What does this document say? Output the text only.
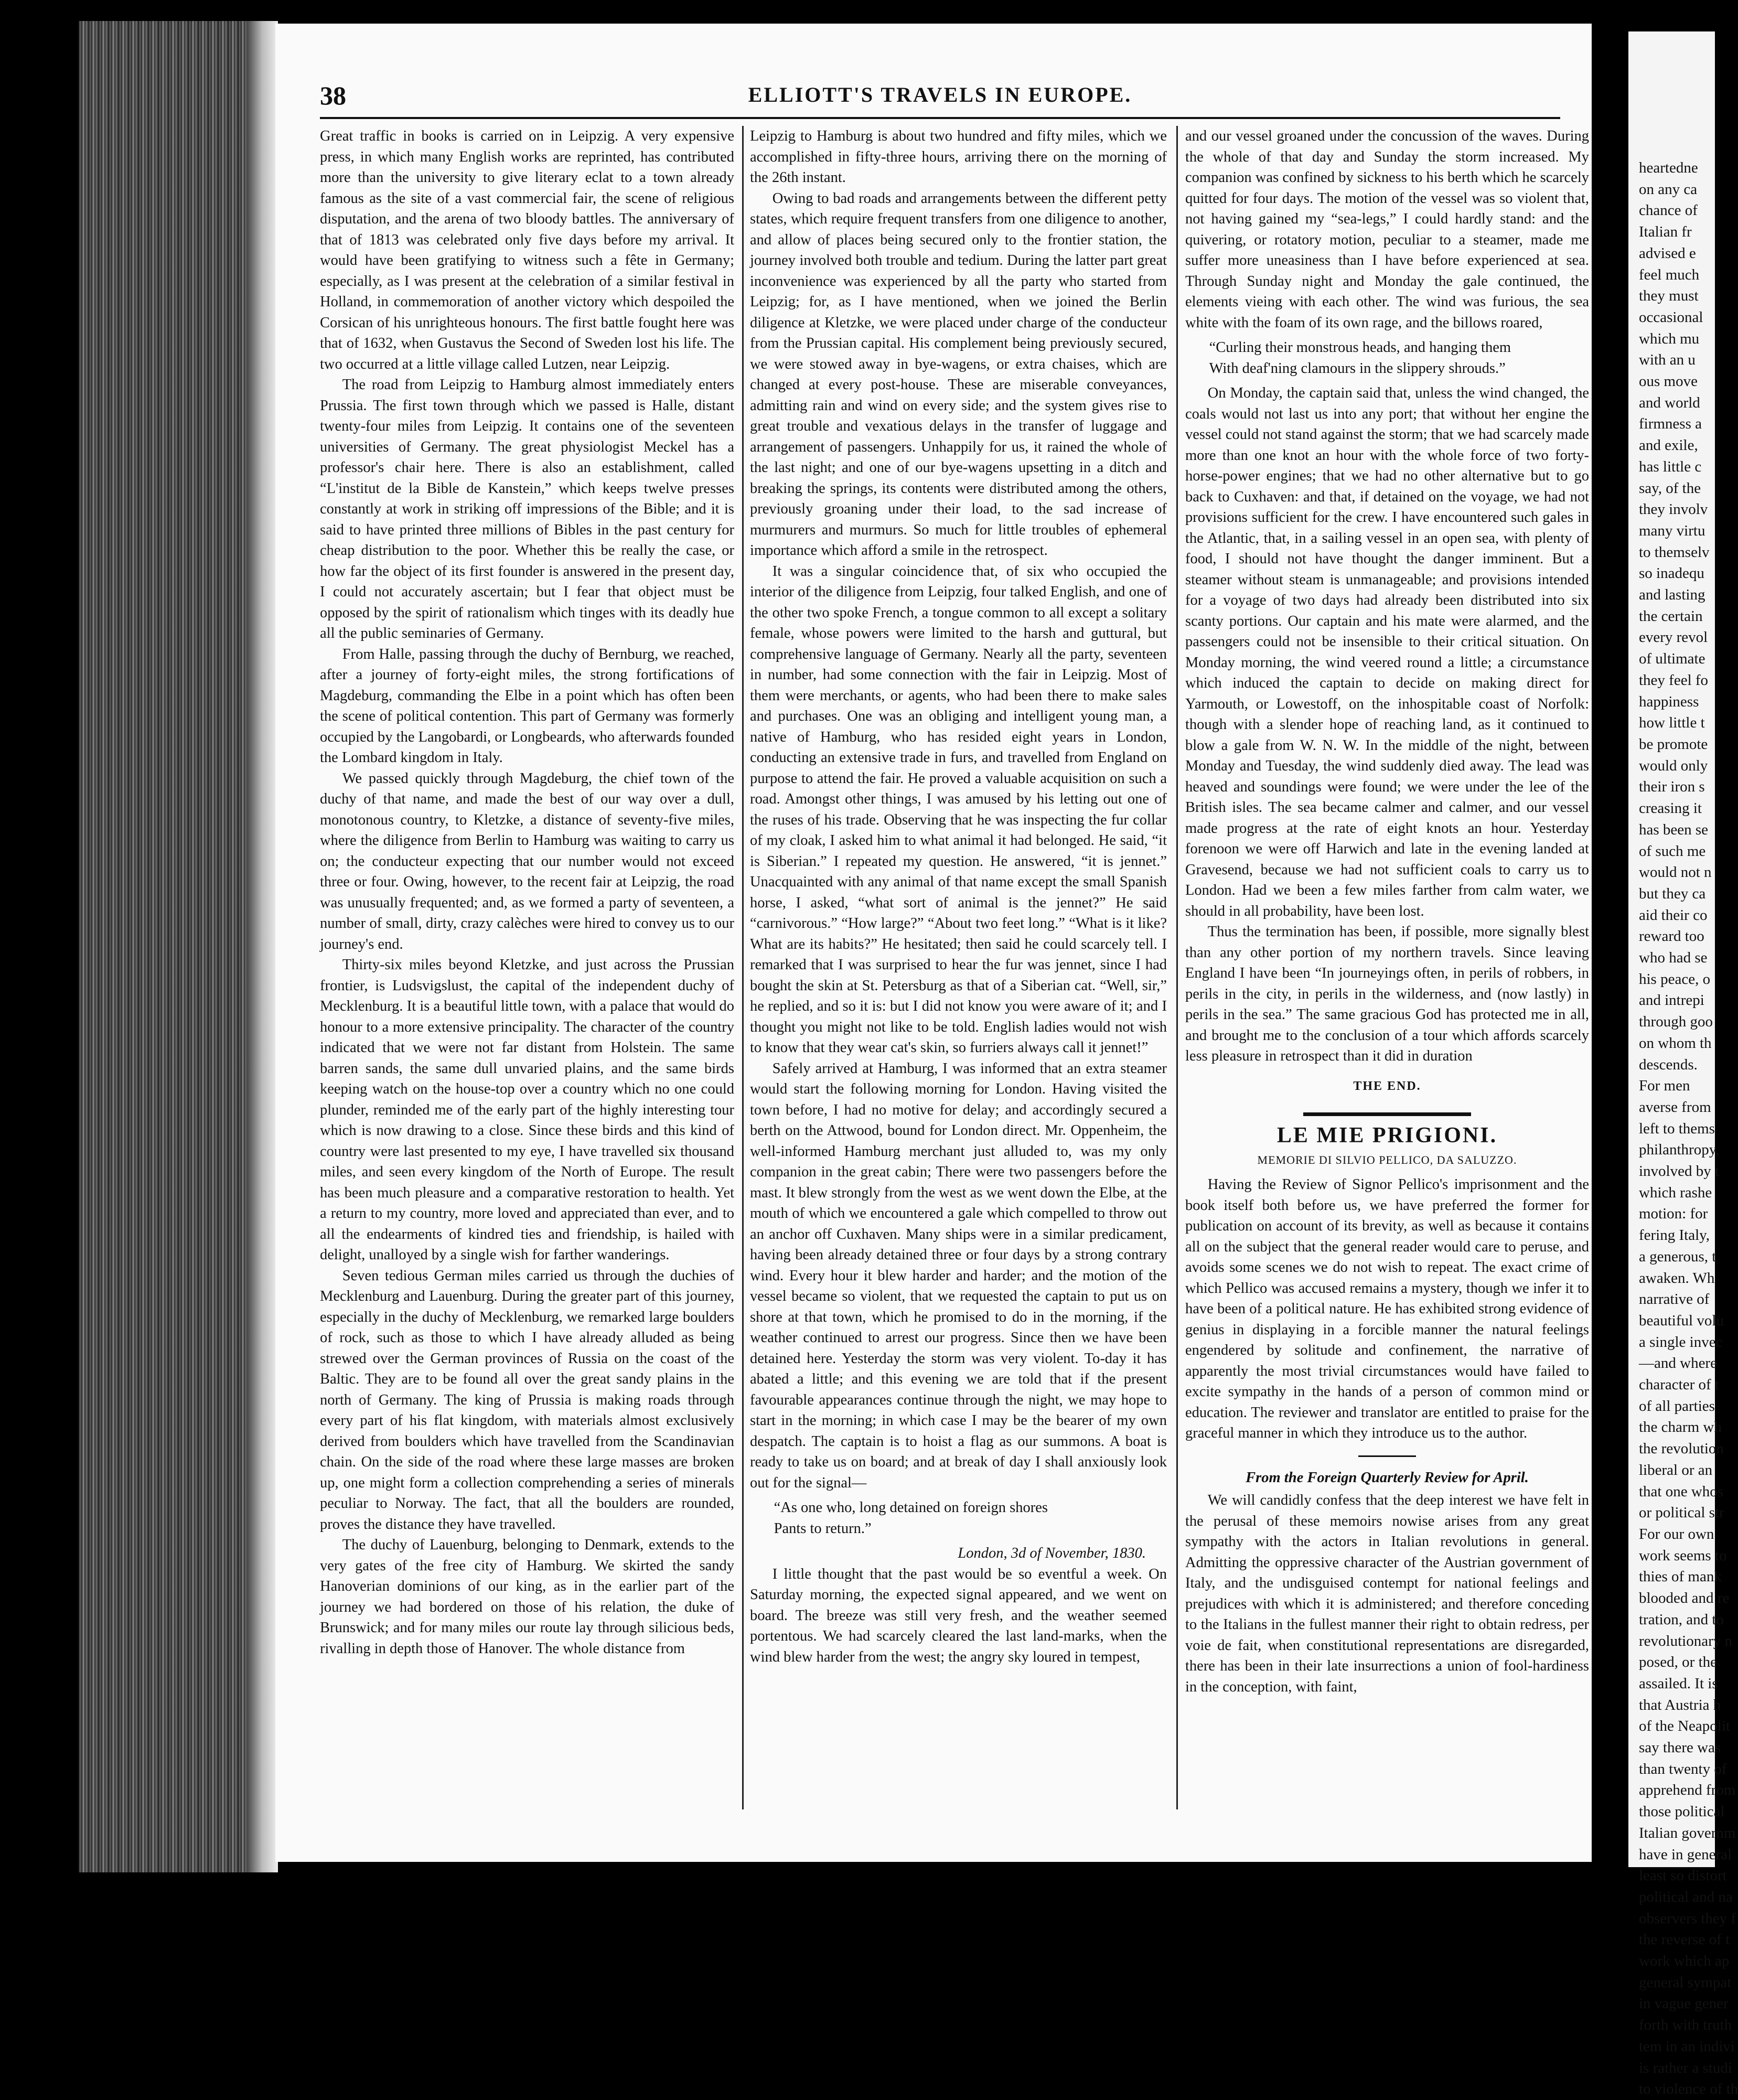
38	ELLIOTT'S TRAVELS IN EUROPE.

Great traffic in books is carried on in Leipzig. A very expensive press, in which many English works are reprinted, has contributed more than the university to give literary eclat to a town already famous as the site of a vast commercial fair, the scene of religious disputation, and the arena of two bloody battles. The anniversary of that of 1813 was celebrated only five days before my arrival. It would have been gratifying to witness such a fête in Germany; especially, as I was present at the celebration of a similar festival in Holland, in commemoration of another victory which despoiled the Corsican of his unrighteous honours. The first battle fought here was that of 1632, when Gustavus the Second of Sweden lost his life. The two occurred at a little village called Lutzen, near Leipzig.

The road from Leipzig to Hamburg almost immediately enters Prussia. The first town through which we passed is Halle, distant twenty-four miles from Leipzig. It contains one of the seventeen universities of Germany. The great physiologist Meckel has a professor's chair here. There is also an establishment, called “L'institut de la Bible de Kanstein,” which keeps twelve presses constantly at work in striking off impressions of the Bible; and it is said to have printed three millions of Bibles in the past century for cheap distribution to the poor. Whether this be really the case, or how far the object of its first founder is answered in the present day, I could not accurately ascertain; but I fear that object must be opposed by the spirit of rationalism which tinges with its deadly hue all the public seminaries of Germany.

From Halle, passing through the duchy of Bernburg, we reached, after a journey of forty-eight miles, the strong fortifications of Magdeburg, commanding the Elbe in a point which has often been the scene of political contention. This part of Germany was formerly occupied by the Langobardi, or Longbeards, who afterwards founded the Lombard kingdom in Italy.

We passed quickly through Magdeburg, the chief town of the duchy of that name, and made the best of our way over a dull, monotonous country, to Kletzke, a distance of seventy-five miles, where the diligence from Berlin to Hamburg was waiting to carry us on; the conducteur expecting that our number would not exceed three or four. Owing, however, to the recent fair at Leipzig, the road was unusually frequented; and, as we formed a party of seventeen, a number of small, dirty, crazy calèches were hired to convey us to our journey's end.

Thirty-six miles beyond Kletzke, and just across the Prussian frontier, is Ludsvigslust, the capital of the independent duchy of Mecklenburg. It is a beautiful little town, with a palace that would do honour to a more extensive principality. The character of the country indicated that we were not far distant from Holstein. The same barren sands, the same dull unvaried plains, and the same birds keeping watch on the house-top over a country which no one could plunder, reminded me of the early part of the highly interesting tour which is now drawing to a close. Since these birds and this kind of country were last presented to my eye, I have travelled six thousand miles, and seen every kingdom of the North of Europe. The result has been much pleasure and a comparative restoration to health. Yet a return to my country, more loved and appreciated than ever, and to all the endearments of kindred ties and friendship, is hailed with delight, unalloyed by a single wish for farther wanderings.

Seven tedious German miles carried us through the duchies of Mecklenburg and Lauenburg. During the greater part of this journey, especially in the duchy of Mecklenburg, we remarked large boulders of rock, such as those to which I have already alluded as being strewed over the German provinces of Russia on the coast of the Baltic. They are to be found all over the great sandy plains in the north of Germany. The king of Prussia is making roads through every part of his flat kingdom, with materials almost exclusively derived from boulders which have travelled from the Scandinavian chain. On the side of the road where these large masses are broken up, one might form a collection comprehending a series of minerals peculiar to Norway. The fact, that all the boulders are rounded, proves the distance they have travelled.

The duchy of Lauenburg, belonging to Denmark, extends to the very gates of the free city of Hamburg. We skirted the sandy Hanoverian dominions of our king, as in the earlier part of the journey we had bordered on those of his relation, the duke of Brunswick; and for many miles our route lay through silicious beds, rivalling in depth those of Hanover. The whole distance from

Leipzig to Hamburg is about two hundred and fifty miles, which we accomplished in fifty-three hours, arriving there on the morning of the 26th instant.

Owing to bad roads and arrangements between the different petty states, which require frequent transfers from one diligence to another, and allow of places being secured only to the frontier station, the journey involved both trouble and tedium. During the latter part great inconvenience was experienced by all the party who started from Leipzig; for, as I have mentioned, when we joined the Berlin diligence at Kletzke, we were placed under charge of the conducteur from the Prussian capital. His complement being previously secured, we were stowed away in bye-wagens, or extra chaises, which are changed at every post-house. These are miserable conveyances, admitting rain and wind on every side; and the system gives rise to great trouble and vexatious delays in the transfer of luggage and arrangement of passengers. Unhappily for us, it rained the whole of the last night; and one of our bye-wagens upsetting in a ditch and breaking the springs, its contents were distributed among the others, previously groaning under their load, to the sad increase of murmurers and murmurs. So much for little troubles of ephemeral importance which afford a smile in the retrospect.

It was a singular coincidence that, of six who occupied the interior of the diligence from Leipzig, four talked English, and one of the other two spoke French, a tongue common to all except a solitary female, whose powers were limited to the harsh and guttural, but comprehensive language of Germany. Nearly all the party, seventeen in number, had some connection with the fair in Leipzig. Most of them were merchants, or agents, who had been there to make sales and purchases. One was an obliging and intelligent young man, a native of Hamburg, who has resided eight years in London, conducting an extensive trade in furs, and travelled from England on purpose to attend the fair. He proved a valuable acquisition on such a road. Amongst other things, I was amused by his letting out one of the ruses of his trade. Observing that he was inspecting the fur collar of my cloak, I asked him to what animal it had belonged. He said, “it is Siberian.” I repeated my question. He answered, “it is jennet.” Unacquainted with any animal of that name except the small Spanish horse, I asked, “what sort of animal is the jennet?” He said “carnivorous.” “How large?” “About two feet long.” “What is it like? What are its habits?” He hesitated; then said he could scarcely tell. I remarked that I was surprised to hear the fur was jennet, since I had bought the skin at St. Petersburg as that of a Siberian cat. “Well, sir,” he replied, and so it is: but I did not know you were aware of it; and I thought you might not like to be told. English ladies would not wish to know that they wear cat's skin, so furriers always call it jennet!”

Safely arrived at Hamburg, I was informed that an extra steamer would start the following morning for London. Having visited the town before, I had no motive for delay; and accordingly secured a berth on the Attwood, bound for London direct. Mr. Oppenheim, the well-informed Hamburg merchant just alluded to, was my only companion in the great cabin; There were two passengers before the mast. It blew strongly from the west as we went down the Elbe, at the mouth of which we encountered a gale which compelled to throw out an anchor off Cuxhaven. Many ships were in a similar predicament, having been already detained three or four days by a strong contrary wind. Every hour it blew harder and harder; and the motion of the vessel became so violent, that we requested the captain to put us on shore at that town, which he promised to do in the morning, if the weather continued to arrest our progress. Since then we have been detained here. Yesterday the storm was very violent. To-day it has abated a little; and this evening we are told that if the present favourable appearances continue through the night, we may hope to start in the morning; in which case I may be the bearer of my own despatch. The captain is to hoist a flag as our summons. A boat is ready to take us on board; and at break of day I shall anxiously look out for the signal—

“As one who, long detained on foreign shores
Pants to return.”

London, 3d of November, 1830.

I little thought that the past would be so eventful a week. On Saturday morning, the expected signal appeared, and we went on board. The breeze was still very fresh, and the weather seemed portentous. We had scarcely cleared the last land-marks, when the wind blew harder from the west; the angry sky loured in tempest,

and our vessel groaned under the concussion of the waves. During the whole of that day and Sunday the storm increased. My companion was confined by sickness to his berth which he scarcely quitted for four days. The motion of the vessel was so violent that, not having gained my “sea-legs,” I could hardly stand: and the quivering, or rotatory motion, peculiar to a steamer, made me suffer more uneasiness than I have before experienced at sea. Through Sunday night and Monday the gale continued, the elements vieing with each other. The wind was furious, the sea white with the foam of its own rage, and the billows roared,

“Curling their monstrous heads, and hanging them
With deaf'ning clamours in the slippery shrouds.”

On Monday, the captain said that, unless the wind changed, the coals would not last us into any port; that without her engine the vessel could not stand against the storm; that we had scarcely made more than one knot an hour with the whole force of two forty-horse-power engines; that we had no other alternative but to go back to Cuxhaven: and that, if detained on the voyage, we had not provisions sufficient for the crew. I have encountered such gales in the Atlantic, that, in a sailing vessel in an open sea, with plenty of food, I should not have thought the danger imminent. But a steamer without steam is unmanageable; and provisions intended for a voyage of two days had already been distributed into six scanty portions. Our captain and his mate were alarmed, and the passengers could not be insensible to their critical situation. On Monday morning, the wind veered round a little; a circumstance which induced the captain to decide on making direct for Yarmouth, or Lowestoff, on the inhospitable coast of Norfolk: though with a slender hope of reaching land, as it continued to blow a gale from W. N. W. In the middle of the night, between Monday and Tuesday, the wind suddenly died away. The lead was heaved and soundings were found; we were under the lee of the British isles. The sea became calmer and calmer, and our vessel made progress at the rate of eight knots an hour. Yesterday forenoon we were off Harwich and late in the evening landed at Gravesend, because we had not sufficient coals to carry us to London. Had we been a few miles farther from calm water, we should in all probability, have been lost.

Thus the termination has been, if possible, more signally blest than any other portion of my northern travels. Since leaving England I have been “In journeyings often, in perils of robbers, in perils in the city, in perils in the wilderness, and (now lastly) in perils in the sea.” The same gracious God has protected me in all, and brought me to the conclusion of a tour which affords scarcely less pleasure in retrospect than it did in duration

THE END.

LE MIE PRIGIONI.

MEMORIE DI SILVIO PELLICO, DA SALUZZO.

Having the Review of Signor Pellico's imprisonment and the book itself both before us, we have preferred the former for publication on account of its brevity, as well as because it contains all on the subject that the general reader would care to peruse, and avoids some scenes we do not wish to repeat. The exact crime of which Pellico was accused remains a mystery, though we infer it to have been of a political nature. He has exhibited strong evidence of genius in displaying in a forcible manner the natural feelings engendered by solitude and confinement, the narrative of apparently the most trivial circumstances would have failed to excite sympathy in the hands of a person of common mind or education. The reviewer and translator are entitled to praise for the graceful manner in which they introduce us to the author.

From the Foreign Quarterly Review for April.

We will candidly confess that the deep interest we have felt in the perusal of these memoirs nowise arises from any great sympathy with the actors in Italian revolutions in general. Admitting the oppressive character of the Austrian government of Italy, and the undisguised contempt for national feelings and prejudices with which it is administered; and therefore conceding to the Italians in the fullest manner their right to obtain redress, per voie de fait, when constitutional representations are disregarded, there has been in their late insurrections a union of fool-hardiness in the conception, with faint,

heartedne
on any ca
chance of
Italian fr
advised e
feel much
they must
occasional
which mu
with an u
ous move
and world
firmness a
and exile,
has little c
say, of the
they involv
many virtu
to themselv
so inadequ
and lasting
the certain
every revol
of ultimate
they feel fo
happiness
how little t
be promote
would only
their iron s
creasing it
has been se
of such me
would not n
but they ca
aid their co
reward too
who had se
his peace, o
and intrepi
through goo
on whom th
descends.
For men
averse from
left to thems
philanthropy,
involved by t
which rashe
motion: for
fering Italy,
a generous, t
awaken. Wh
narrative of
beautiful volu
a single invec
—and where
character of t
of all parties
the charm wh
the revolution
liberal or an
that one whos
or political str
For our own
work seems to
thies of mank
blooded and re
tration, and to
revolutionary n
posed, or the
assailed. It is
that Austria h
of the Neapolit
say there was
than twenty of
apprehend from
those political
Italian governm
have in general
least so distort
political and na
observers they f
the reverse of t
work which ap
general sympat
in vague gener
forth with truth
tem in an indivi
is rather a studi
to violence of th
